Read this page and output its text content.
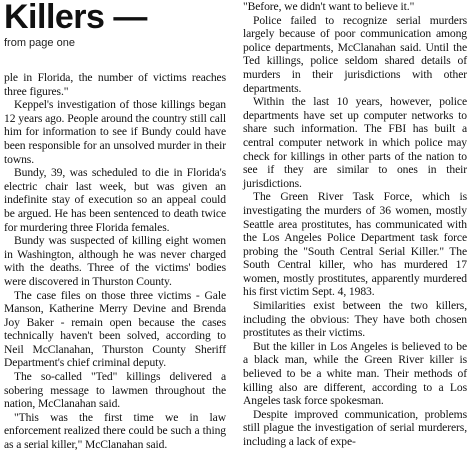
Killers —
from page one

ple in Florida, the number of victims reaches three figures."

Keppel's investigation of those killings began 12 years ago. People around the country still call him for information to see if Bundy could have been responsible for an unsolved murder in their towns.

Bundy, 39, was scheduled to die in Florida's electric chair last week, but was given an indefinite stay of execution so an appeal could be argued. He has been sentenced to death twice for murdering three Florida females.

Bundy was suspected of killing eight women in Washington, although he was never charged with the deaths. Three of the victims' bodies were discovered in Thurston County.

The case files on those three victims - Gale Manson, Katherine Merry Devine and Brenda Joy Baker - remain open because the cases technically haven't been solved, according to Neil McClanahan, Thurston County Sheriff Department's chief criminal deputy.

The so-called "Ted" killings delivered a sobering message to lawmen throughout the nation, McClanahan said.

"This was the first time we in law enforcement realized there could be such a thing as a serial killer," McClanahan said.

"Before, we didn't want to believe it."

Police failed to recognize serial murders largely because of poor communication among police departments, McClanahan said. Until the Ted killings, police seldom shared details of murders in their jurisdictions with other departments.

Within the last 10 years, however, police departments have set up computer networks to share such information. The FBI has built a central computer network in which police may check for killings in other parts of the nation to see if they are similar to ones in their jurisdictions.

The Green River Task Force, which is investigating the murders of 36 women, mostly Seattle area prostitutes, has communicated with the Los Angeles Police Department task force probing the "South Central Serial Killer." The South Central killer, who has murdered 17 women, mostly prostitutes, apparently murdered his first victim Sept. 4, 1983.

Similarities exist between the two killers, including the obvious: They have both chosen prostitutes as their victims.

But the killer in Los Angeles is believed to be a black man, while the Green River killer is believed to be a white man. Their methods of killing also are different, according to a Los Angeles task force spokesman.

Despite improved communication, problems still plague the investigation of serial murderers, including a lack of expe-
